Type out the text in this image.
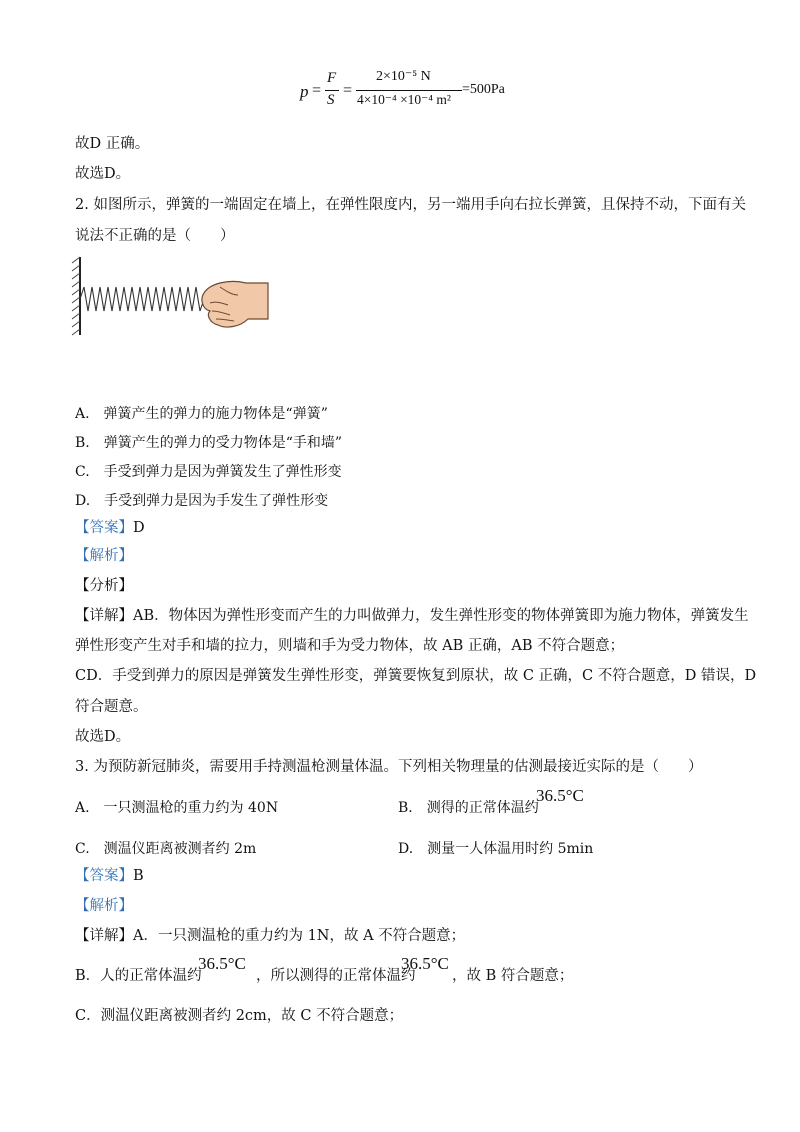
p =
F
S
=
2×10⁻⁵ N
4×10⁻⁴ ×10⁻⁴ m²
=500Pa
故D 正确。
故选D。
2. 如图所示，弹簧的一端固定在墙上，在弹性限度内，另一端用手向右拉长弹簧，且保持不动，下面有关
说法不正确的是（　　）
A.　弹簧产生的弹力的施力物体是“弹簧”
B.　弹簧产生的弹力的受力物体是“手和墙”
C.　手受到弹力是因为弹簧发生了弹性形变
D.　手受到弹力是因为手发生了弹性形变
【答案】D
【解析】
【分析】
【详解】AB．物体因为弹性形变而产生的力叫做弹力，发生弹性形变的物体弹簧即为施力物体，弹簧发生
弹性形变产生对手和墙的拉力，则墙和手为受力物体，故 AB 正确，AB 不符合题意；
CD．手受到弹力的原因是弹簧发生弹性形变，弹簧要恢复到原状，故 C 正确，C 不符合题意，D 错误，D
符合题意。
故选D。
3. 为预防新冠肺炎，需要用手持测温枪测量体温。下列相关物理量的估测最接近实际的是（　　）
A.　一只测温枪的重力约为 40N	B.　测得的正常体温约
36.5°C
C.　测温仪距离被测者约 2m	D.　测量一人体温用时约 5min
【答案】B
【解析】
【详解】A．一只测温枪的重力约为 1N，故 A 不符合题意；
B．人的正常体温约
36.5°C
，所以测得的正常体温约
36.5°C
，故 B 符合题意；
C．测温仪距离被测者约 2cm，故 C 不符合题意；
